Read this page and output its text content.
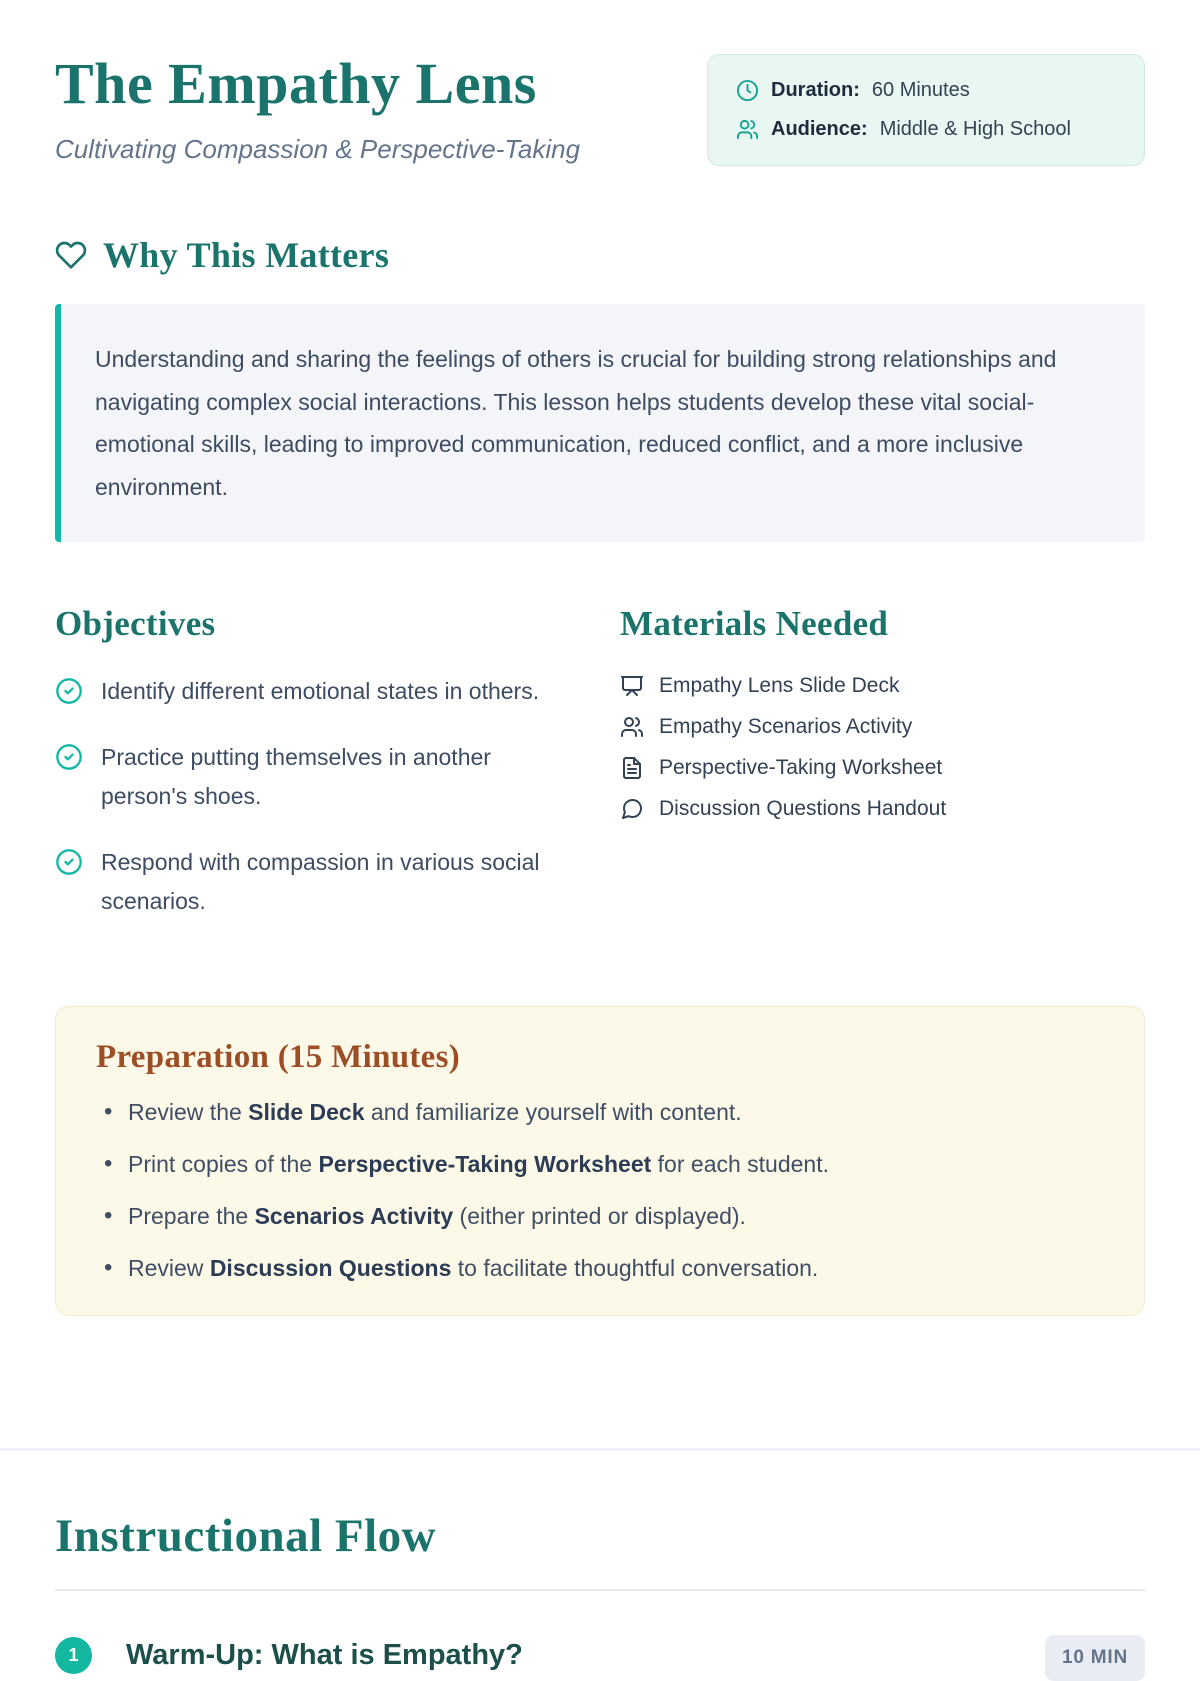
The Empathy Lens
Cultivating Compassion & Perspective-Taking
Duration: 60 Minutes
Audience: Middle & High School
Why This Matters
Understanding and sharing the feelings of others is crucial for building strong relationships and navigating complex social interactions. This lesson helps students develop these vital social-emotional skills, leading to improved communication, reduced conflict, and a more inclusive environment.
Objectives
Identify different emotional states in others.
Practice putting themselves in another person's shoes.
Respond with compassion in various social scenarios.
Materials Needed
Empathy Lens Slide Deck
Empathy Scenarios Activity
Perspective-Taking Worksheet
Discussion Questions Handout
Preparation (15 Minutes)
• Review the Slide Deck and familiarize yourself with content.
• Print copies of the Perspective-Taking Worksheet for each student.
• Prepare the Scenarios Activity (either printed or displayed).
• Review Discussion Questions to facilitate thoughtful conversation.
Instructional Flow
1	Warm-Up: What is Empathy?	10 MIN
